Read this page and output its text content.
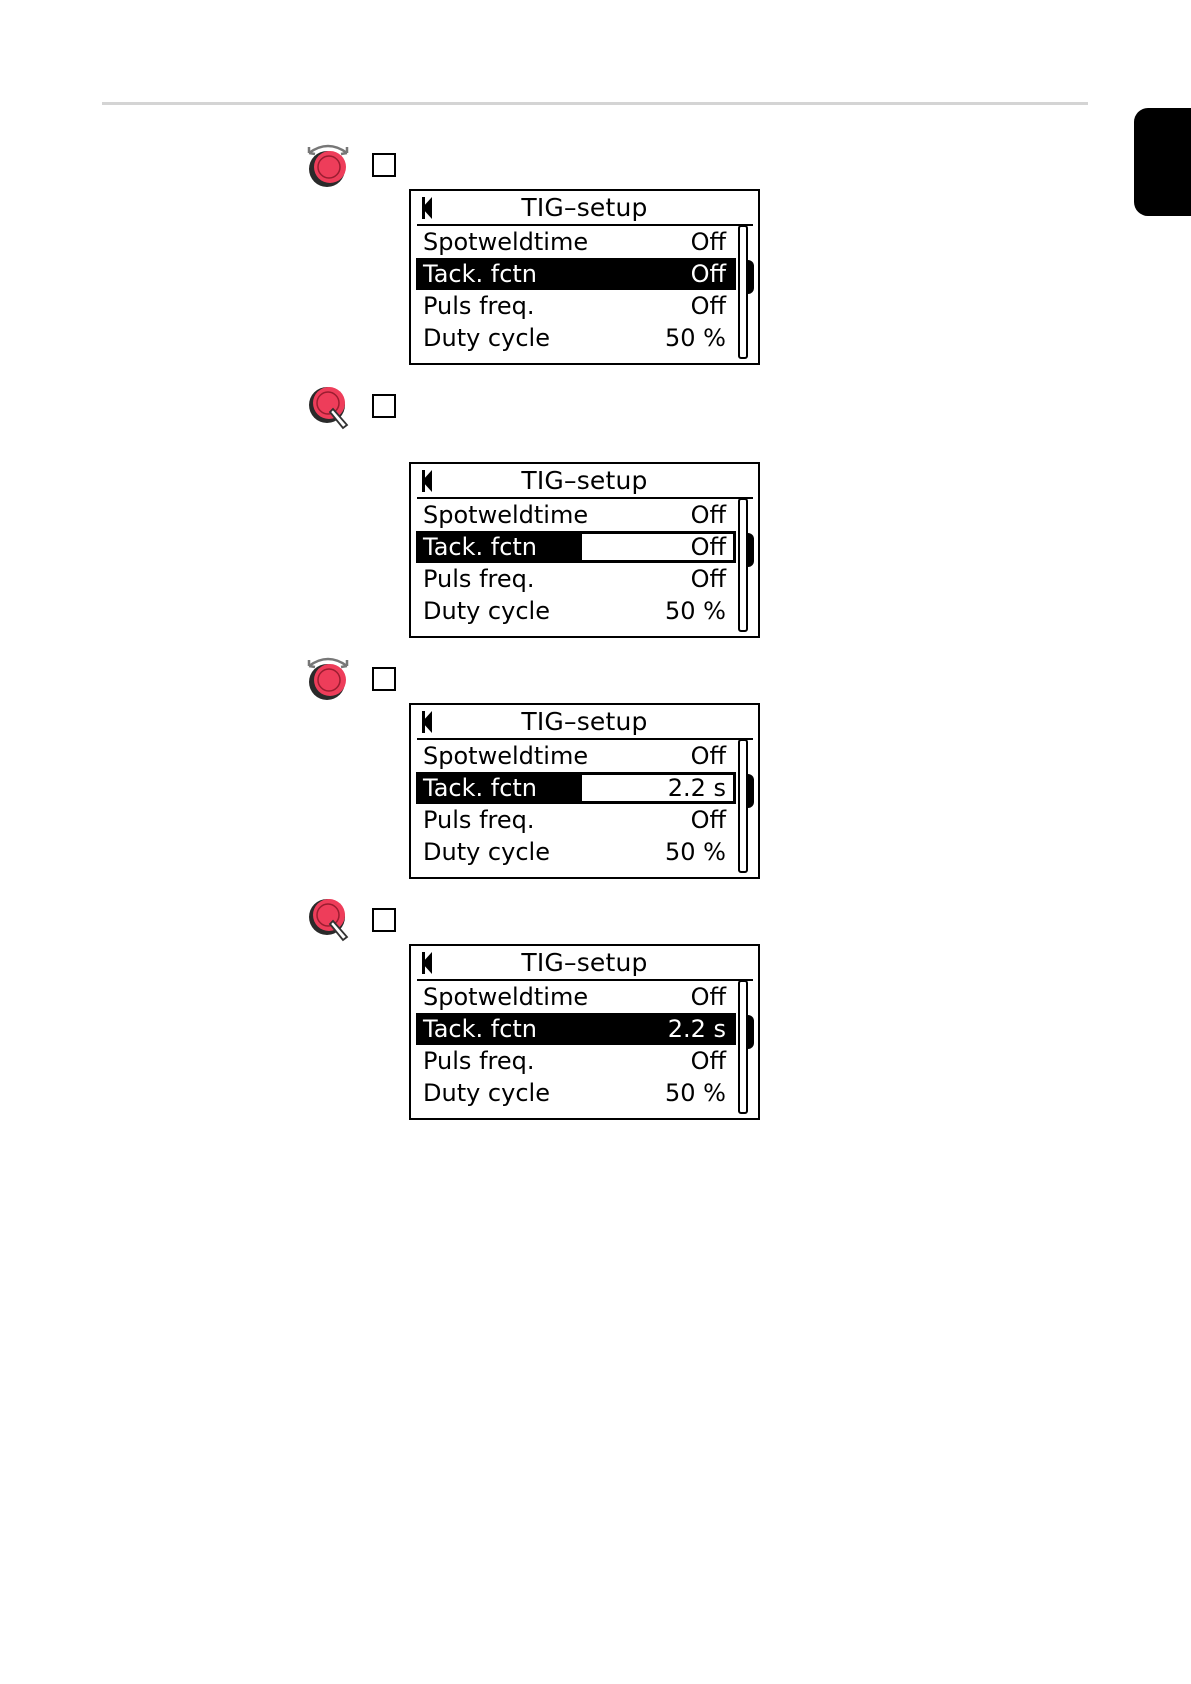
TIG–setup
Spotweldtime	Off
Tack. fctn	Off
Puls freq.	Off
Duty cycle	50 %
TIG–setup
Spotweldtime	Off
Tack. fctn	Off
Puls freq.	Off
Duty cycle	50 %
TIG–setup
Spotweldtime	Off
Tack. fctn	2.2 s
Puls freq.	Off
Duty cycle	50 %
TIG–setup
Spotweldtime	Off
Tack. fctn	2.2 s
Puls freq.	Off
Duty cycle	50 %
